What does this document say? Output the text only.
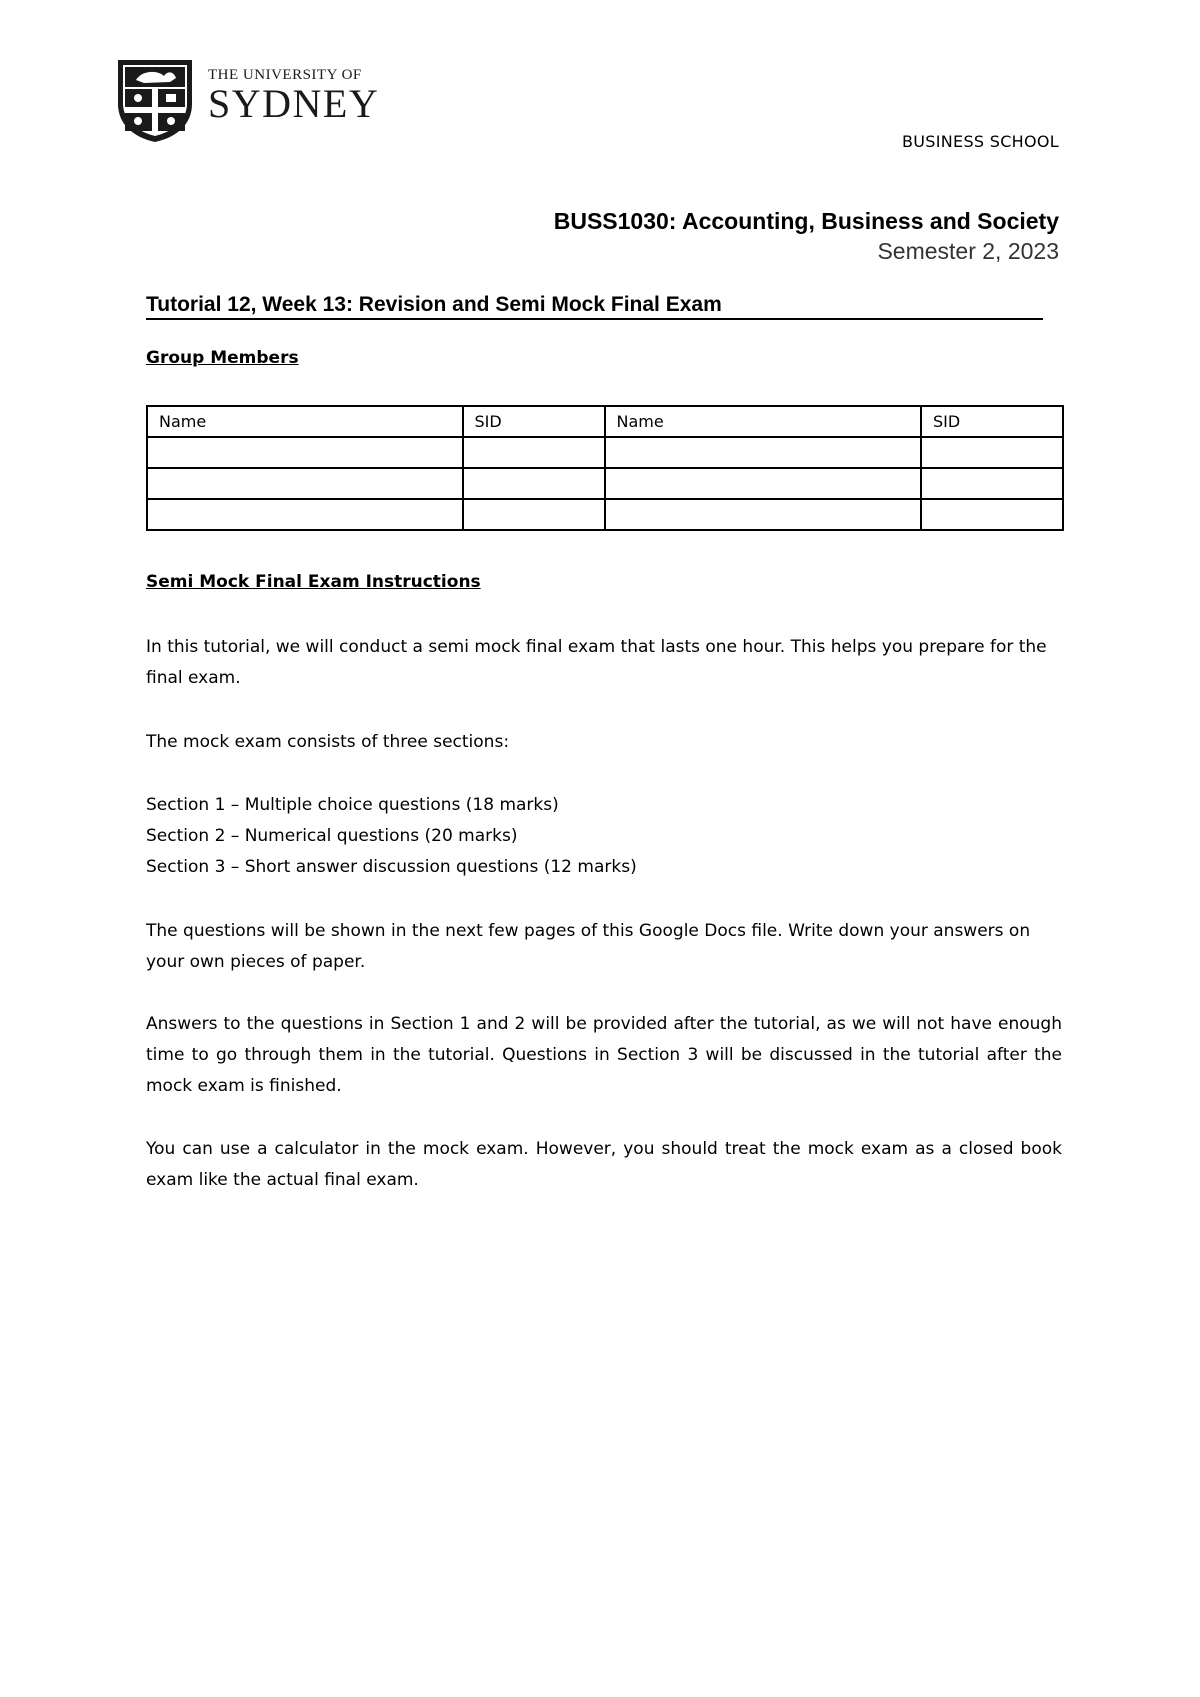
THE UNIVERSITY OF
SYDNEY
BUSINESS SCHOOL
BUSS1030: Accounting, Business and Society
Semester 2, 2023
Tutorial 12, Week 13: Revision and Semi Mock Final Exam
Group Members
Name	SID	Name	SID

Semi Mock Final Exam Instructions
In this tutorial, we will conduct a semi mock final exam that lasts one hour. This helps you prepare for the final exam.
The mock exam consists of three sections:
Section 1 – Multiple choice questions (18 marks)
Section 2 – Numerical questions (20 marks)
Section 3 – Short answer discussion questions (12 marks)
The questions will be shown in the next few pages of this Google Docs file. Write down your answers on your own pieces of paper.
Answers to the questions in Section 1 and 2 will be provided after the tutorial, as we will not have enough time to go through them in the tutorial. Questions in Section 3 will be discussed in the tutorial after the mock exam is finished.
You can use a calculator in the mock exam. However, you should treat the mock exam as a closed book exam like the actual final exam.
